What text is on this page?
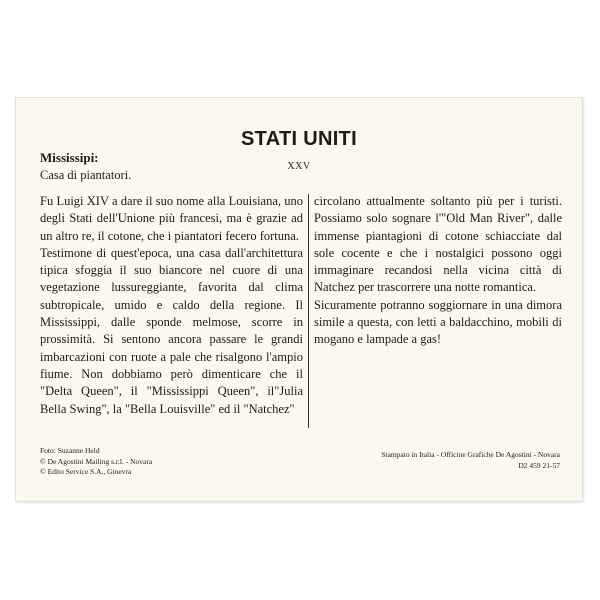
STATI UNITI
Mississipi:
Casa di piantatori.
XXV

Fu Luigi XIV a dare il suo nome alla Louisiana, uno degli Stati dell'Unione più francesi, ma è grazie ad un altro re, il cotone, che i piantatori fecero fortuna.

Testimone di quest'epoca, una casa dall'architettura tipica sfoggia il suo biancore nel cuore di una vegetazione lussureggiante, favorita dal clima subtropicale, umido e caldo della regione. Il Mississippi, dalle sponde melmose, scorre in prossimità. Si sentono ancora passare le grandi imbarcazioni con ruote a pale che risalgono l'ampio fiume. Non dobbiamo però dimenticare che il "Delta Queen", il "Mississippi Queen", il"Julia Bella Swing", la "Bella Louisville" ed il "Natchez"

circolano attualmente soltanto più per i turisti. Possiamo solo sognare l'"Old Man River", dalle immense piantagioni di cotone schiacciate dal sole cocente e che i nostalgici possono oggi immaginare recandosi nella vicina città di Natchez per trascorrere una notte romantica.

Sicuramente potranno soggiornare in una dimora simile a questa, con letti a baldacchino, mobili di mogano e lampade a gas!

Foto: Suzanne Held
© De Agostini Mailing s.r.l. - Novara
© Edito Service S.A., Ginevra
Stampato in Italia - Officine Grafiche De Agostini - Novara
D2 459 21-57
